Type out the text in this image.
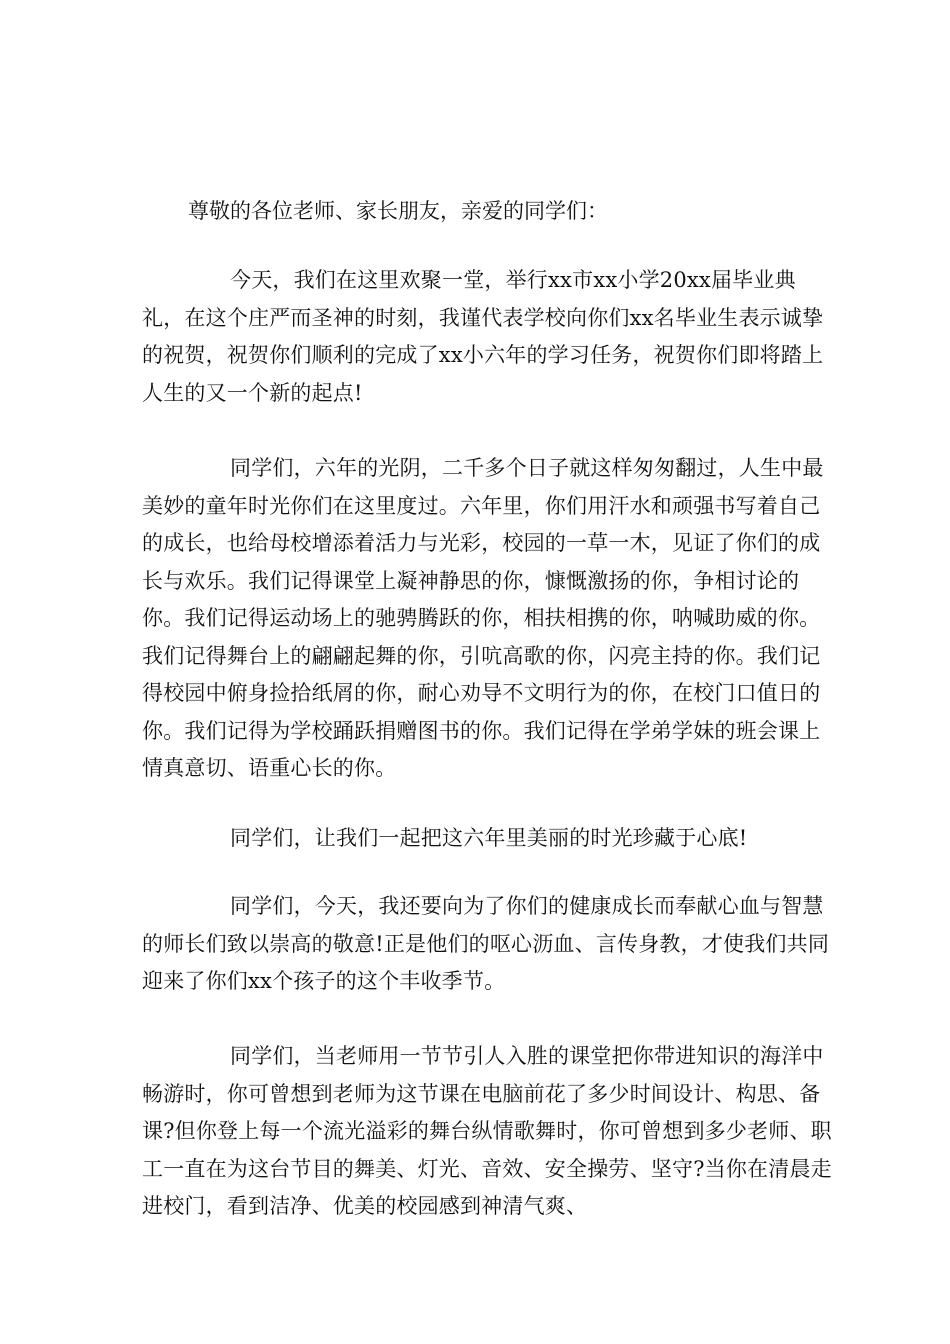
尊敬的各位老师、家长朋友，亲爱的同学们：

今天，我们在这里欢聚一堂，举行xx市xx小学20xx届毕业典礼，在这个庄严而圣神的时刻，我谨代表学校向你们xx名毕业生表示诚挚的祝贺，祝贺你们顺利的完成了xx小六年的学习任务，祝贺你们即将踏上人生的又一个新的起点!

同学们，六年的光阴，二千多个日子就这样匆匆翻过，人生中最美妙的童年时光你们在这里度过。六年里，你们用汗水和顽强书写着自己的成长，也给母校增添着活力与光彩，校园的一草一木，见证了你们的成长与欢乐。我们记得课堂上凝神静思的你，慷慨激扬的你，争相讨论的你。我们记得运动场上的驰骋腾跃的你，相扶相携的你，呐喊助威的你。我们记得舞台上的翩翩起舞的你，引吭高歌的你，闪亮主持的你。我们记得校园中俯身捡拾纸屑的你，耐心劝导不文明行为的你，在校门口值日的你。我们记得为学校踊跃捐赠图书的你。我们记得在学弟学妹的班会课上情真意切、语重心长的你。

同学们，让我们一起把这六年里美丽的时光珍藏于心底!

同学们，今天，我还要向为了你们的健康成长而奉献心血与智慧的师长们致以崇高的敬意!正是他们的呕心沥血、言传身教，才使我们共同迎来了你们xx个孩子的这个丰收季节。

同学们，当老师用一节节引人入胜的课堂把你带进知识的海洋中畅游时，你可曾想到老师为这节课在电脑前花了多少时间设计、构思、备课?但你登上每一个流光溢彩的舞台纵情歌舞时，你可曾想到多少老师、职工一直在为这台节目的舞美、灯光、音效、安全操劳、坚守?当你在清晨走进校门，看到洁净、优美的校园感到神清气爽、
